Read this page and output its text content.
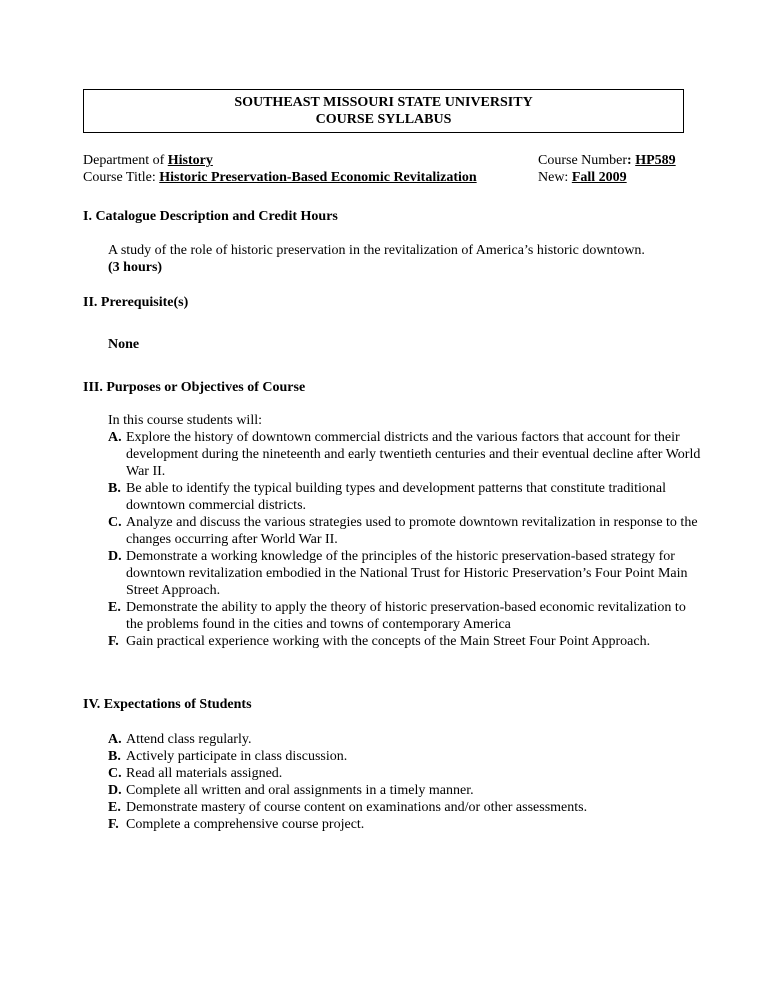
SOUTHEAST MISSOURI STATE UNIVERSITY
COURSE SYLLABUS
Department of History
Course Title: Historic Preservation-Based Economic Revitalization
Course Number: HP589
New: Fall 2009
I. Catalogue Description and Credit Hours
A study of the role of historic preservation in the revitalization of America’s historic downtown.
(3 hours)
II. Prerequisite(s)
None
III. Purposes or Objectives of Course
In this course students will:
A. Explore the history of downtown commercial districts and the various factors that account for their development during the nineteenth and early twentieth centuries and their eventual decline after World War II.
B. Be able to identify the typical building types and development patterns that constitute traditional downtown commercial districts.
C. Analyze and discuss the various strategies used to promote downtown revitalization in response to the changes occurring after World War II.
D. Demonstrate a working knowledge of the principles of the historic preservation-based strategy for downtown revitalization embodied in the National Trust for Historic Preservation’s Four Point Main Street Approach.
E. Demonstrate the ability to apply the theory of historic preservation-based economic revitalization to the problems found in the cities and towns of contemporary America
F. Gain practical experience working with the concepts of the Main Street Four Point Approach.
IV. Expectations of Students
A. Attend class regularly.
B. Actively participate in class discussion.
C. Read all materials assigned.
D. Complete all written and oral assignments in a timely manner.
E. Demonstrate mastery of course content on examinations and/or other assessments.
F. Complete a comprehensive course project.
